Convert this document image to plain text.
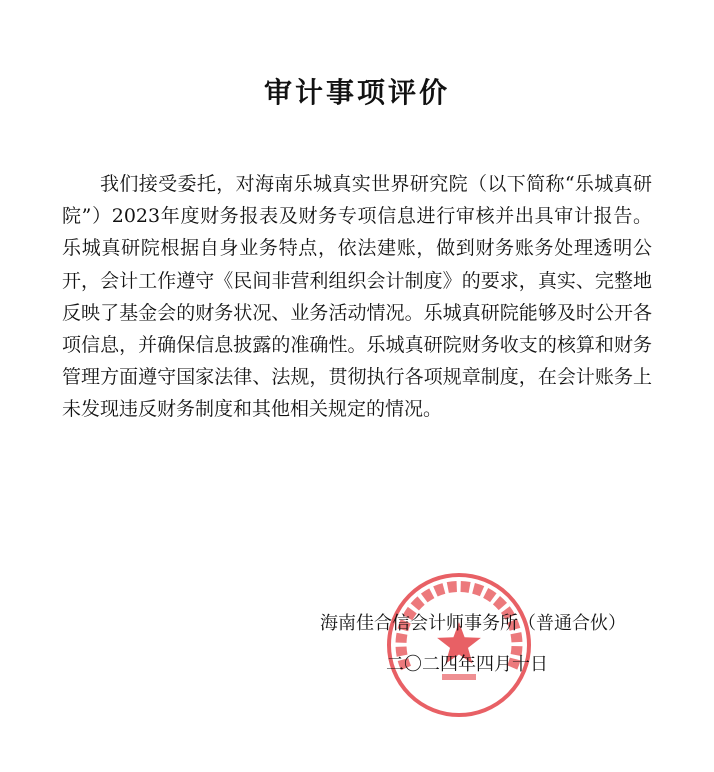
审计事项评价

我们接受委托，对海南乐城真实世界研究院（以下简称“乐城真研院”）2023年度财务报表及财务专项信息进行审核并出具审计报告。乐城真研院根据自身业务特点，依法建账，做到财务账务处理透明公开，会计工作遵守《民间非营利组织会计制度》的要求，真实、完整地反映了基金会的财务状况、业务活动情况。乐城真研院能够及时公开各项信息，并确保信息披露的准确性。乐城真研院财务收支的核算和财务管理方面遵守国家法律、法规，贯彻执行各项规章制度，在会计账务上未发现违反财务制度和其他相关规定的情况。

海南佳合信会计师事务所（普通合伙）
二〇二四年四月十日
